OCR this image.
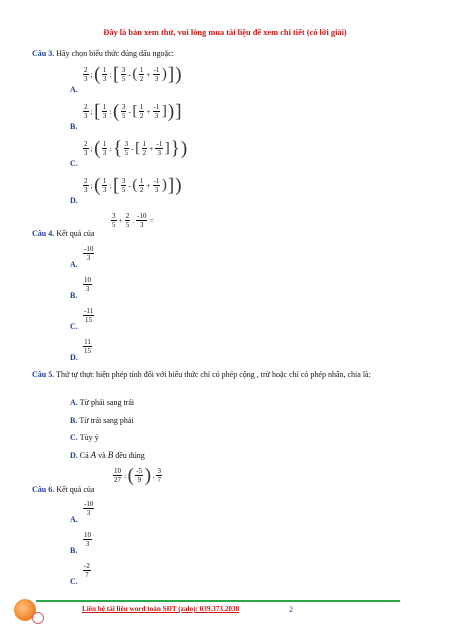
Đây là bản xem thử, vui lòng mua tài liệu để xem chi tiết (có lời giải)
Câu 3. Hãy chọn biểu thức đúng dấu ngoặc:
A.
$\frac{2}{3}$ ; ( $\frac{1}{3}$ : [ $\frac{3}{5}$ - ( $\frac{1}{2} + \frac{-1}{3}$ ) ] )
B.
$\frac{2}{3}$ ; [ $\frac{1}{3}$ : ( $\frac{3}{5}$ - [ $\frac{1}{2} + \frac{-1}{3}$ ] ) ]
C.
$\frac{2}{3}$ ; ( $\frac{1}{3}$ : { $\frac{3}{5}$ - [ $\frac{1}{2} + \frac{-1}{3}$ ] } )
D.
$\frac{2}{3}$ ; ( $\frac{1}{3}$ : [ $\frac{3}{5}$ - ( $\frac{1}{2} + \frac{-1}{3}$ ) ] )
Câu 4. Kết quả của
$\frac{3}{5} + \frac{2}{5}$ . $\frac{-10}{3}$ =
A.
$\frac{-10}{3}$
B.
$\frac{10}{3}$
C.
$\frac{-11}{15}$
D.
$\frac{11}{15}$
Câu 5. Thứ tự thực hiện phép tính đối với biểu thức chỉ có phép cộng , trừ hoặc chỉ có phép nhân, chia là:
A. Từ phải sang trái
B. Từ trái sang phải
C. Tùy ý
D. Cả A và B đều đúng
Câu 6. Kết quả của
$\frac{10}{27}$ : ( $\frac{-5}{9}$ ) . $\frac{3}{7}$
A.
$\frac{-10}{3}$
B.
$\frac{10}{3}$
C.
$\frac{-2}{7}$
Liên hệ tài liệu word toán SĐT (zalo): 039.373.2038	2
